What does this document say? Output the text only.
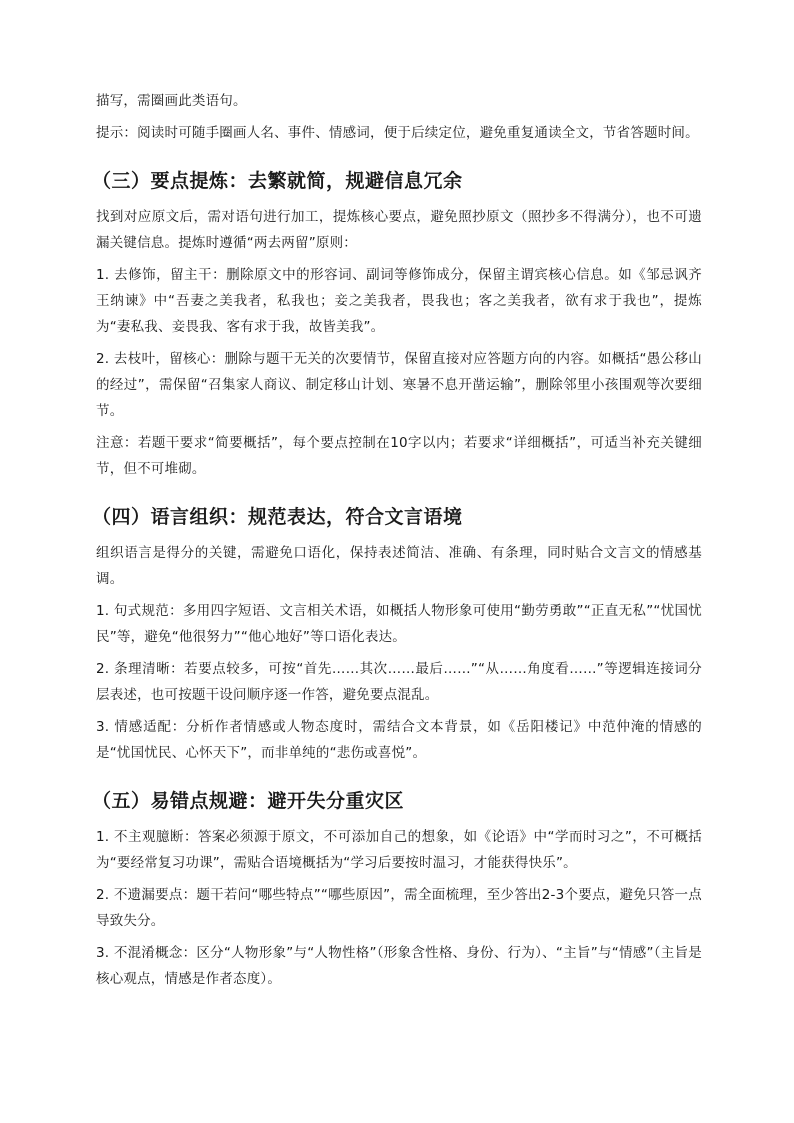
描写，需圈画此类语句。

提示：阅读时可随手圈画人名、事件、情感词，便于后续定位，避免重复通读全文，节省答题时间。

（三）要点提炼：去繁就简，规避信息冗余

找到对应原文后，需对语句进行加工，提炼核心要点，避免照抄原文（照抄多不得满分），也不可遗漏关键信息。提炼时遵循“两去两留”原则：

1. 去修饰，留主干：删除原文中的形容词、副词等修饰成分，保留主谓宾核心信息。如《邹忌讽齐王纳谏》中“吾妻之美我者，私我也；妾之美我者，畏我也；客之美我者，欲有求于我也”，提炼为“妻私我、妾畏我、客有求于我，故皆美我”。

2. 去枝叶，留核心：删除与题干无关的次要情节，保留直接对应答题方向的内容。如概括“愚公移山的经过”，需保留“召集家人商议、制定移山计划、寒暑不息开凿运输”，删除邻里小孩围观等次要细节。

注意：若题干要求“简要概括”，每个要点控制在10字以内；若要求“详细概括”，可适当补充关键细节，但不可堆砌。

（四）语言组织：规范表达，符合文言语境

组织语言是得分的关键，需避免口语化，保持表述简洁、准确、有条理，同时贴合文言文的情感基调。

1. 句式规范：多用四字短语、文言相关术语，如概括人物形象可使用“勤劳勇敢”“正直无私”“忧国忧民”等，避免“他很努力”“他心地好”等口语化表达。

2. 条理清晰：若要点较多，可按“首先……其次……最后……”“从……角度看……”等逻辑连接词分层表述，也可按题干设问顺序逐一作答，避免要点混乱。

3. 情感适配：分析作者情感或人物态度时，需结合文本背景，如《岳阳楼记》中范仲淹的情感的是“忧国忧民、心怀天下”，而非单纯的“悲伤或喜悦”。

（五）易错点规避：避开失分重灾区

1. 不主观臆断：答案必须源于原文，不可添加自己的想象，如《论语》中“学而时习之”，不可概括为“要经常复习功课”，需贴合语境概括为“学习后要按时温习，才能获得快乐”。

2. 不遗漏要点：题干若问“哪些特点”“哪些原因”，需全面梳理，至少答出2-3个要点，避免只答一点导致失分。

3. 不混淆概念：区分“人物形象”与“人物性格”（形象含性格、身份、行为）、“主旨”与“情感”（主旨是核心观点，情感是作者态度）。
